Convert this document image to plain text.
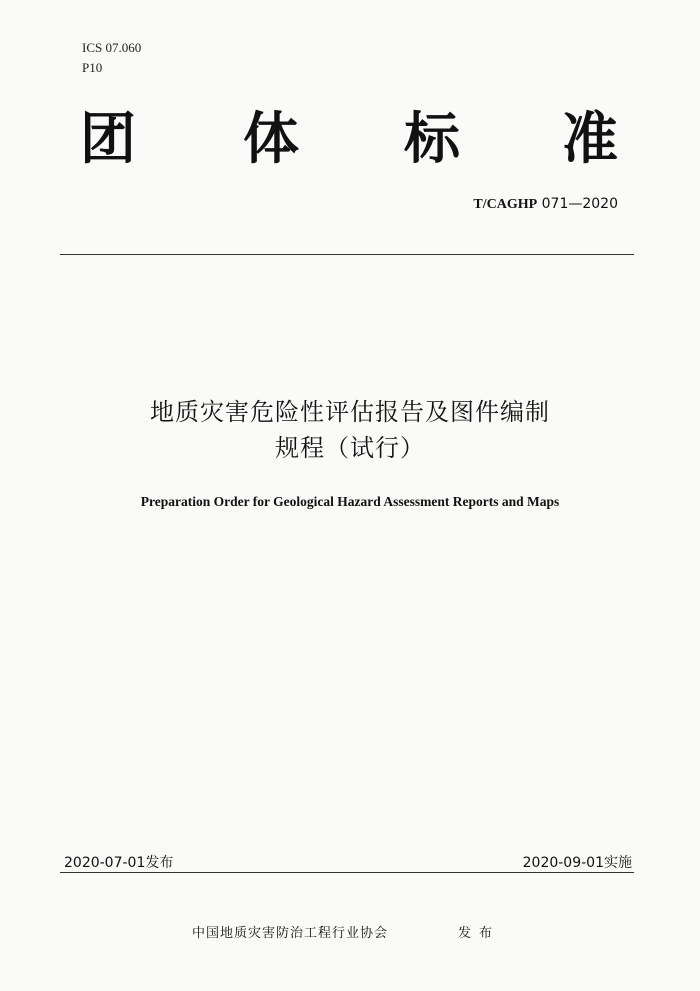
ICS 07.060
P10
团 体 标 准
T/CAGHP 071—2020
地质灾害危险性评估报告及图件编制
规程（试行）
Preparation Order for Geological Hazard Assessment Reports and Maps
2020-07-01发布	2020-09-01实施
中国地质灾害防治工程行业协会	发布
